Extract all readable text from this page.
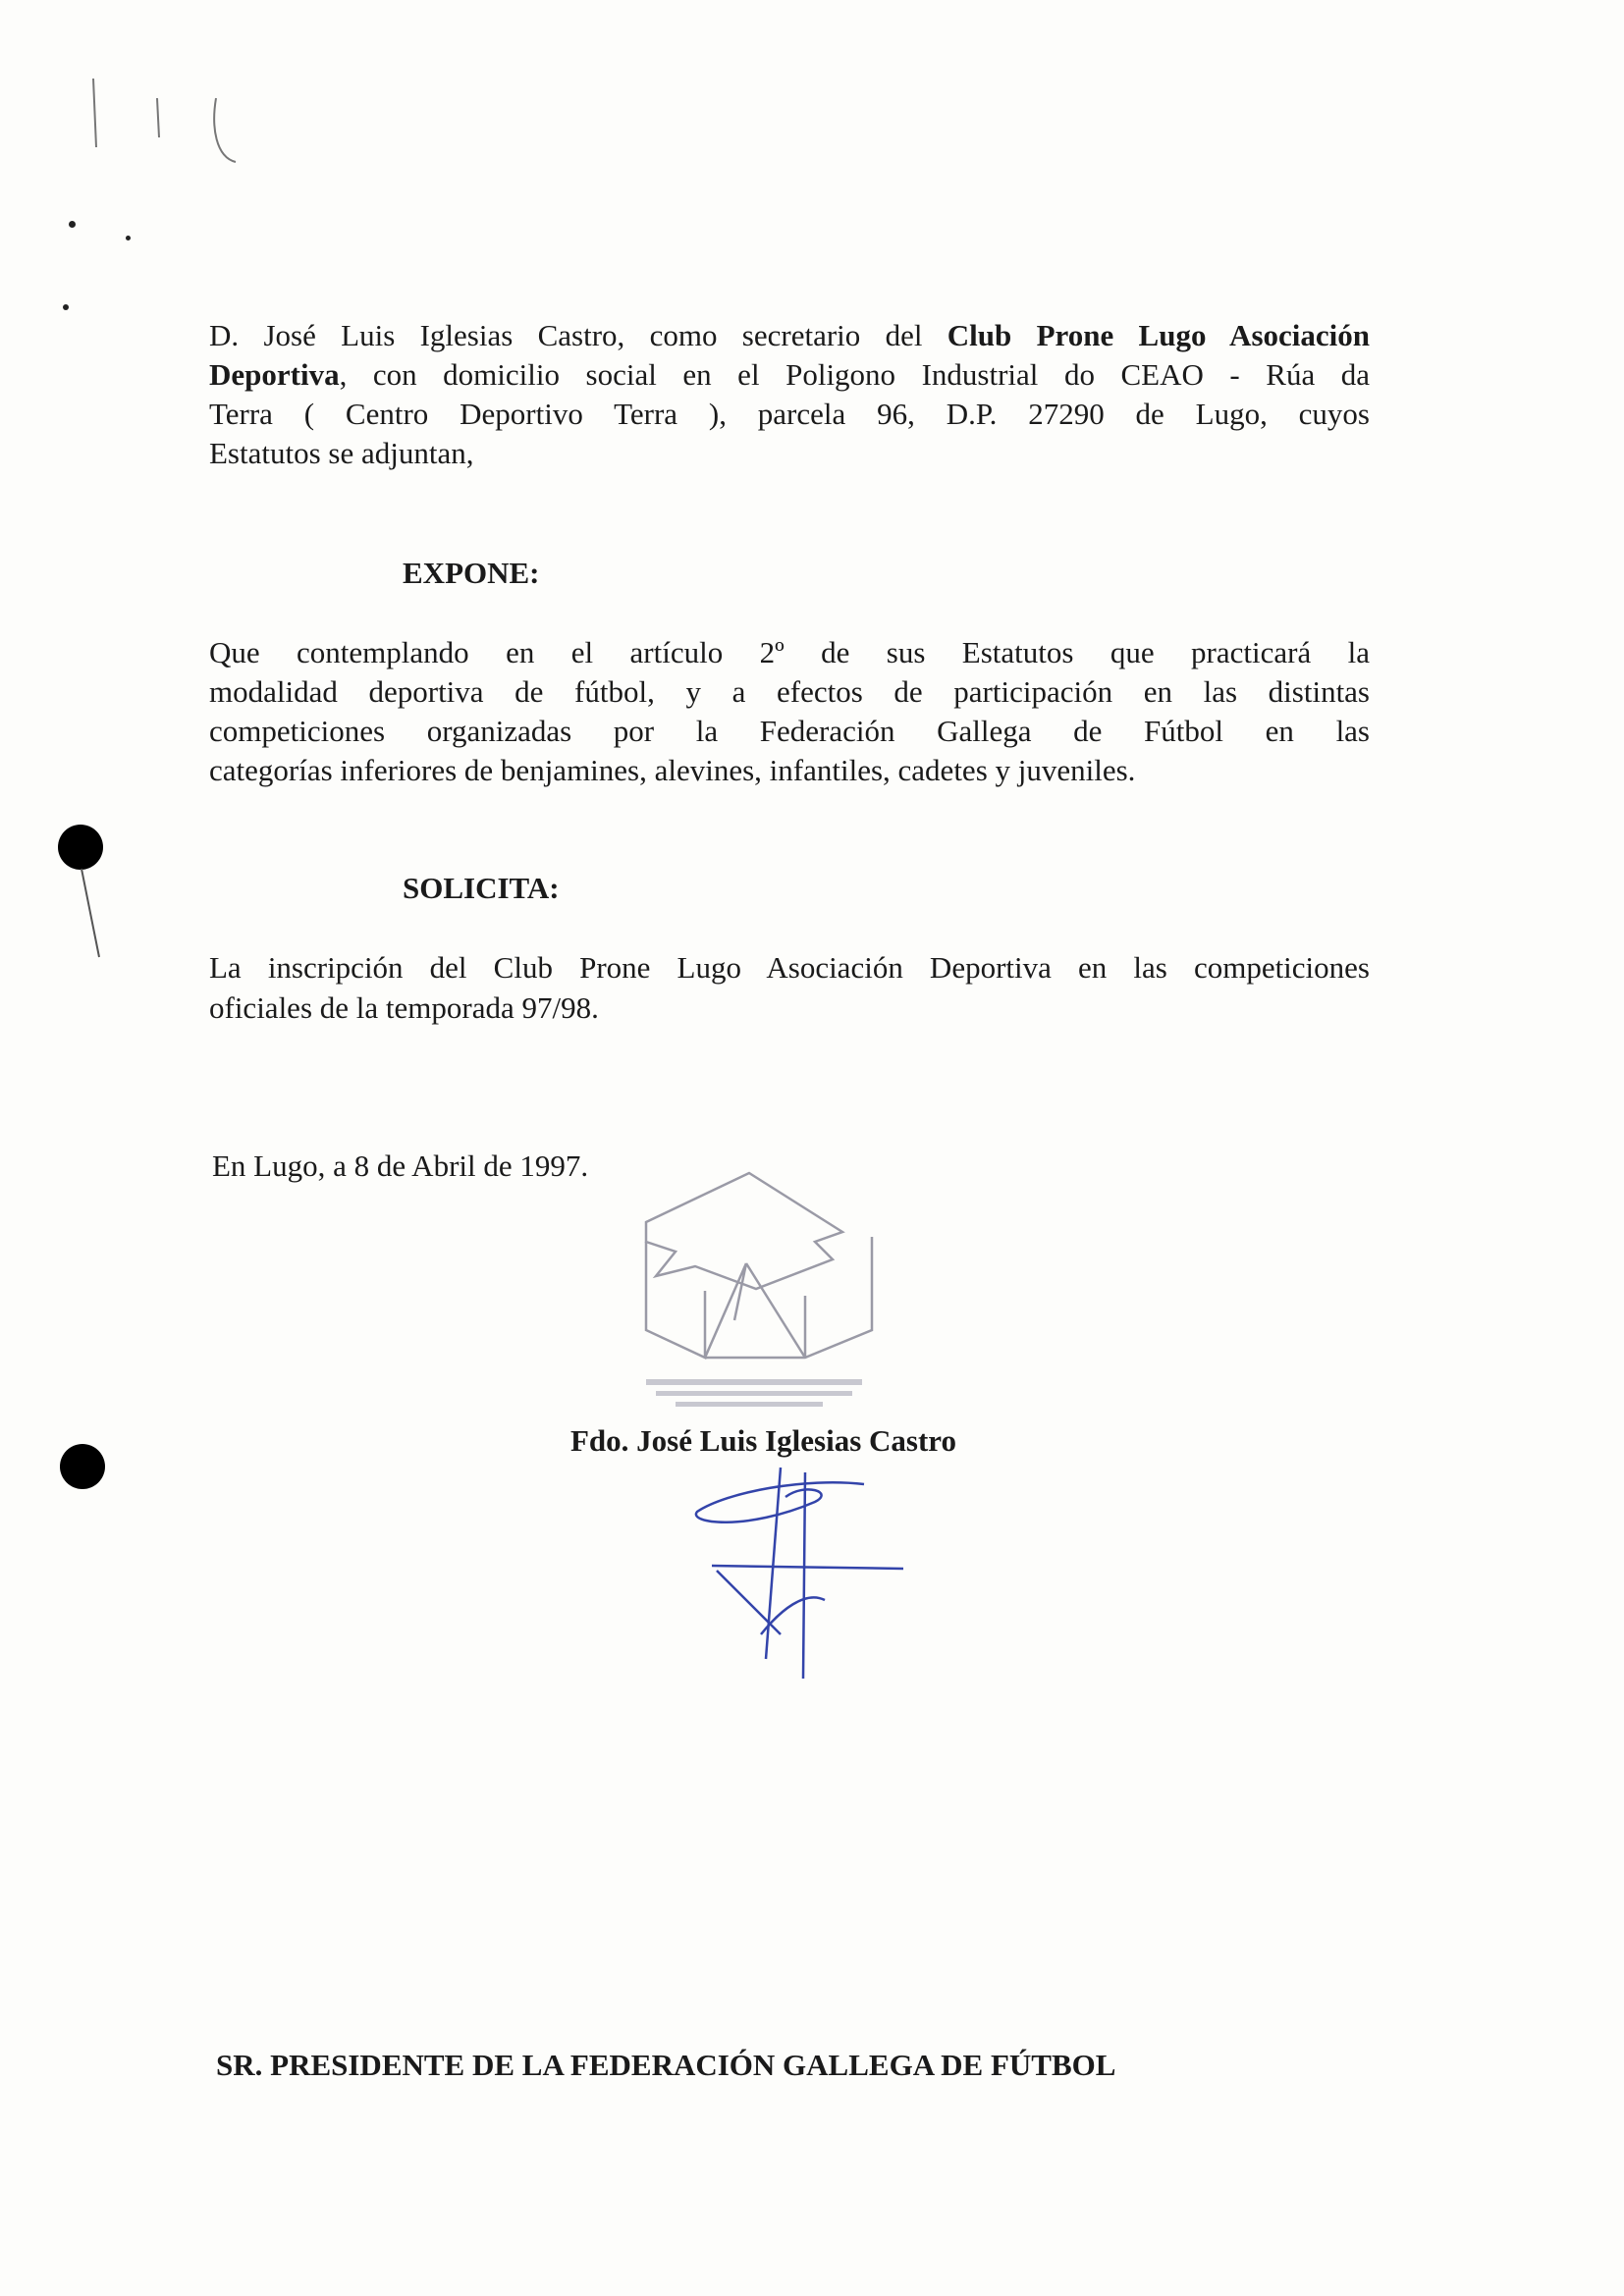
D. José Luis Iglesias Castro, como secretario del Club Prone Lugo Asociación
Deportiva, con domicilio social en el Poligono Industrial do CEAO - Rúa da
Terra ( Centro Deportivo Terra ), parcela 96, D.P. 27290 de Lugo, cuyos
Estatutos se adjuntan,
EXPONE:
Que contemplando en el artículo 2º de sus Estatutos que practicará la
modalidad deportiva de fútbol, y a efectos de participación en las distintas
competiciones organizadas por la Federación Gallega de Fútbol en las
categorías inferiores de benjamines, alevines, infantiles, cadetes y juveniles.
SOLICITA:
La inscripción del Club Prone Lugo Asociación Deportiva en las competiciones
oficiales de la temporada 97/98.
En Lugo, a 8 de Abril de 1997.
Fdo. José Luis Iglesias Castro
SR. PRESIDENTE DE LA FEDERACIÓN GALLEGA DE FÚTBOL
